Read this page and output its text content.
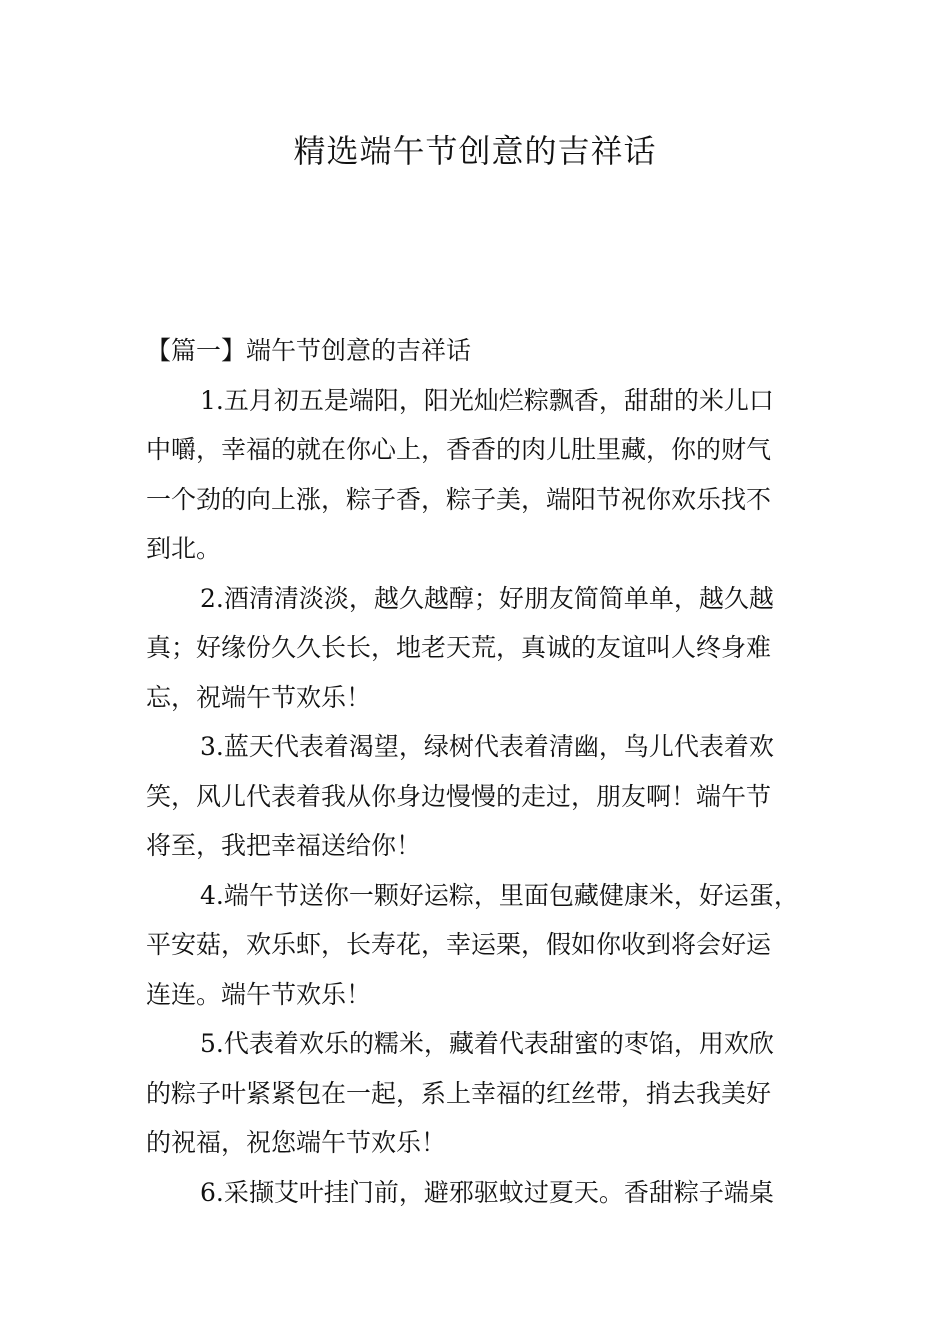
精选端午节创意的吉祥话
【篇一】端午节创意的吉祥话
1.五月初五是端阳，阳光灿烂粽飘香，甜甜的米儿口
中嚼，幸福的就在你心上，香香的肉儿肚里藏，你的财气
一个劲的向上涨，粽子香，粽子美，端阳节祝你欢乐找不
到北。
2.酒清清淡淡，越久越醇；好朋友简简单单，越久越
真；好缘份久久长长，地老天荒，真诚的友谊叫人终身难
忘，祝端午节欢乐！
3.蓝天代表着渴望，绿树代表着清幽，鸟儿代表着欢
笑，风儿代表着我从你身边慢慢的走过，朋友啊！端午节
将至，我把幸福送给你！
4.端午节送你一颗好运粽，里面包藏健康米，好运蛋，
平安菇，欢乐虾，长寿花，幸运栗，假如你收到将会好运
连连。端午节欢乐！
5.代表着欢乐的糯米，藏着代表甜蜜的枣馅，用欢欣
的粽子叶紧紧包在一起，系上幸福的红丝带，捎去我美好
的祝福，祝您端午节欢乐！
6.采撷艾叶挂门前，避邪驱蚊过夏天。香甜粽子端桌
